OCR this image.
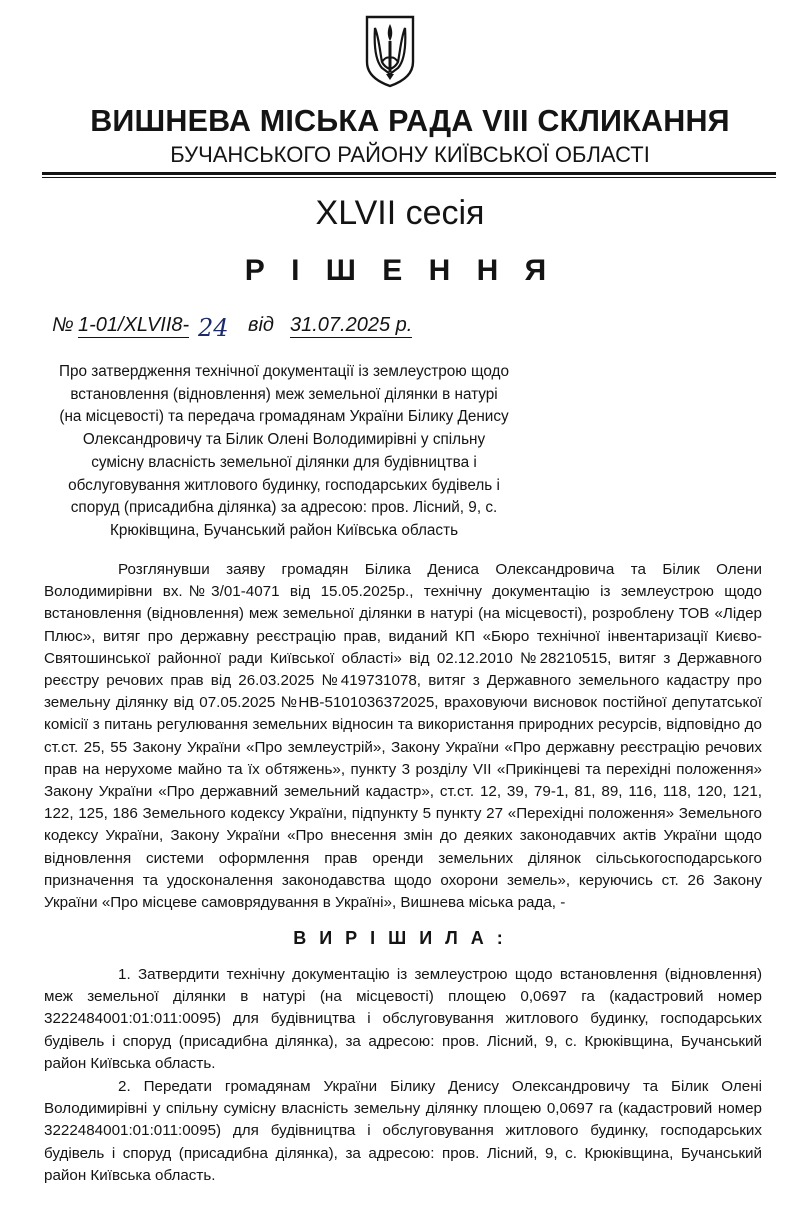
ВИШНЕВА МІСЬКА РАДА VIII СКЛИКАННЯ
БУЧАНСЬКОГО РАЙОНУ КИЇВСЬКОЇ ОБЛАСТІ
XLVII сесія
Р І Ш Е Н Н Я
№ 1-01/XLVII8- 24 від 31.07.2025 р.
Про затвердження технічної документації із землеустрою щодо встановлення (відновлення) меж земельної ділянки в натурі (на місцевості) та передача громадянам України Білику Денису Олександровичу та Білик Олені Володимирівні у спільну сумісну власність земельної ділянки для будівництва і обслуговування житлового будинку, господарських будівель і споруд (присадибна ділянка) за адресою: пров. Лісний, 9, с. Крюківщина, Бучанський район Київська область
Розглянувши заяву громадян Білика Дениса Олександровича та Білик Олени Володимирівни вх.№3/01-4071 від 15.05.2025р., технічну документацію із землеустрою щодо встановлення (відновлення) меж земельної ділянки в натурі (на місцевості), розроблену ТОВ «Лідер Плюс», витяг про державну реєстрацію прав, виданий КП «Бюро технічної інвентаризації Києво-Святошинської районної ради Київської області» від 02.12.2010 №28210515, витяг з Державного реєстру речових прав від 26.03.2025 №419731078, витяг з Державного земельного кадастру про земельну ділянку від 07.05.2025 №НВ-5101036372025, враховуючи висновок постійної депутатської комісії з питань регулювання земельних відносин та використання природних ресурсів, відповідно до ст.ст. 25, 55 Закону України «Про землеустрій», Закону України «Про державну реєстрацію речових прав на нерухоме майно та їх обтяжень», пункту 3 розділу VII «Прикінцеві та перехідні положення» Закону України «Про державний земельний кадастр», ст.ст. 12, 39, 79-1, 81, 89, 116, 118, 120, 121, 122, 125, 186 Земельного кодексу України, підпункту 5 пункту 27 «Перехідні положення» Земельного кодексу України, Закону України «Про внесення змін до деяких законодавчих актів України щодо відновлення системи оформлення прав оренди земельних ділянок сільськогосподарського призначення та удосконалення законодавства щодо охорони земель», керуючись ст. 26 Закону України «Про місцеве самоврядування в Україні», Вишнева міська рада, -
В И Р І Ш И Л А :
1. Затвердити технічну документацію із землеустрою щодо встановлення (відновлення) меж земельної ділянки в натурі (на місцевості) площею 0,0697 га (кадастровий номер 3222484001:01:011:0095) для будівництва і обслуговування житлового будинку, господарських будівель і споруд (присадибна ділянка), за адресою: пров. Лісний, 9, с. Крюківщина, Бучанський район Київська область.
2. Передати громадянам України Білику Денису Олександровичу та Білик Олені Володимирівні у спільну сумісну власність земельну ділянку площею 0,0697 га (кадастровий номер 3222484001:01:011:0095) для будівництва і обслуговування житлового будинку, господарських будівель і споруд (присадибна ділянка), за адресою: пров. Лісний, 9, с. Крюківщина, Бучанський район Київська область.
